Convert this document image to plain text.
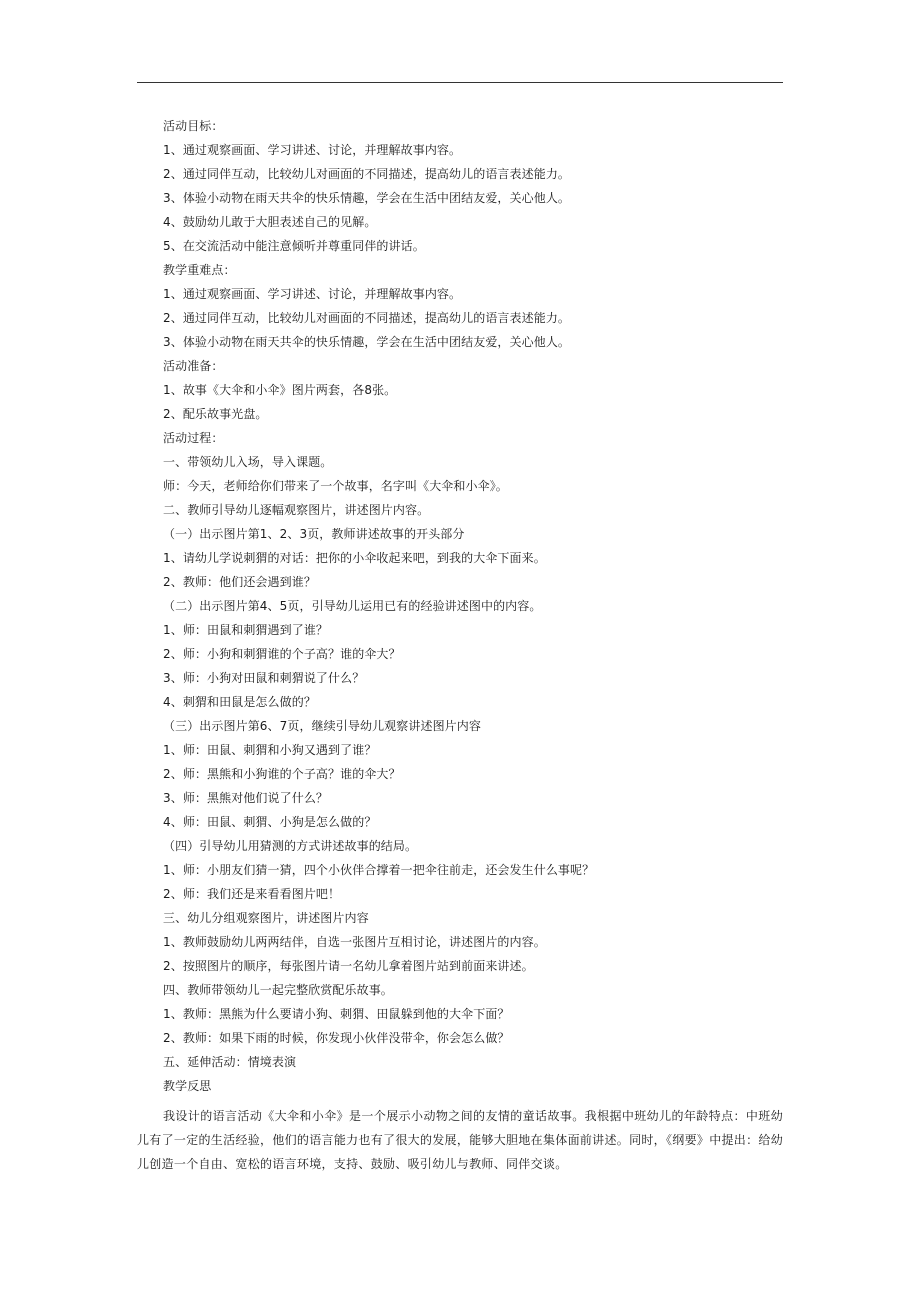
活动目标：
1、通过观察画面、学习讲述、讨论，并理解故事内容。
2、通过同伴互动，比较幼儿对画面的不同描述，提高幼儿的语言表述能力。
3、体验小动物在雨天共伞的快乐情趣，学会在生活中团结友爱，关心他人。
4、鼓励幼儿敢于大胆表述自己的见解。
5、在交流活动中能注意倾听并尊重同伴的讲话。
教学重难点：
1、通过观察画面、学习讲述、讨论，并理解故事内容。
2、通过同伴互动，比较幼儿对画面的不同描述，提高幼儿的语言表述能力。
3、体验小动物在雨天共伞的快乐情趣，学会在生活中团结友爱，关心他人。
活动准备：
1、故事《大伞和小伞》图片两套，各8张。
2、配乐故事光盘。
活动过程：
一、带领幼儿入场，导入课题。
师：今天，老师给你们带来了一个故事，名字叫《大伞和小伞》。
二、教师引导幼儿逐幅观察图片，讲述图片内容。
（一）出示图片第1、2、3页，教师讲述故事的开头部分
1、请幼儿学说刺猬的对话：把你的小伞收起来吧，到我的大伞下面来。
2、教师：他们还会遇到谁？
（二）出示图片第4、5页，引导幼儿运用已有的经验讲述图中的内容。
1、师：田鼠和刺猬遇到了谁？
2、师：小狗和刺猬谁的个子高？谁的伞大？
3、师：小狗对田鼠和刺猬说了什么？
4、刺猬和田鼠是怎么做的？
（三）出示图片第6、7页，继续引导幼儿观察讲述图片内容
1、师：田鼠、刺猬和小狗又遇到了谁？
2、师：黑熊和小狗谁的个子高？谁的伞大？
3、师：黑熊对他们说了什么？
4、师：田鼠、刺猬、小狗是怎么做的？
（四）引导幼儿用猜测的方式讲述故事的结局。
1、师：小朋友们猜一猜，四个小伙伴合撑着一把伞往前走，还会发生什么事呢？
2、师：我们还是来看看图片吧！
三、幼儿分组观察图片，讲述图片内容
1、教师鼓励幼儿两两结伴，自选一张图片互相讨论，讲述图片的内容。
2、按照图片的顺序，每张图片请一名幼儿拿着图片站到前面来讲述。
四、教师带领幼儿一起完整欣赏配乐故事。
1、教师：黑熊为什么要请小狗、刺猬、田鼠躲到他的大伞下面？
2、教师：如果下雨的时候，你发现小伙伴没带伞，你会怎么做？
五、延伸活动：情境表演
教学反思
我设计的语言活动《大伞和小伞》是一个展示小动物之间的友情的童话故事。我根据中班幼儿的年龄特点：中班幼儿有了一定的生活经验，他们的语言能力也有了很大的发展，能够大胆地在集体面前讲述。同时，《纲要》中提出：给幼儿创造一个自由、宽松的语言环境，支持、鼓励、吸引幼儿与教师、同伴交谈。
